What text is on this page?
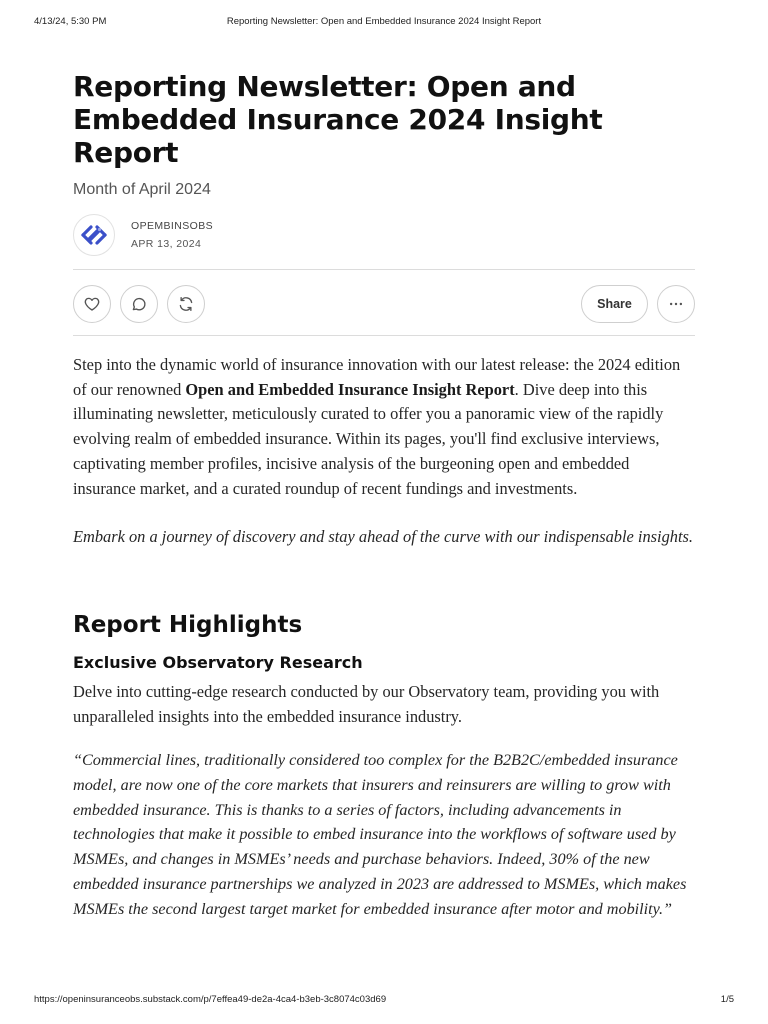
4/13/24, 5:30 PM	Reporting Newsletter: Open and Embedded Insurance 2024 Insight Report
Reporting Newsletter: Open and Embedded Insurance 2024 Insight Report
Month of April 2024
OPEMBINSOBS
APR 13, 2024
Share

Step into the dynamic world of insurance innovation with our latest release: the 2024 edition of our renowned Open and Embedded Insurance Insight Report. Dive deep into this illuminating newsletter, meticulously curated to offer you a panoramic view of the rapidly evolving realm of embedded insurance. Within its pages, you'll find exclusive interviews, captivating member profiles, incisive analysis of the burgeoning open and embedded insurance market, and a curated roundup of recent fundings and investments.

Embark on a journey of discovery and stay ahead of the curve with our indispensable insights.

Report Highlights
Exclusive Observatory Research

Delve into cutting-edge research conducted by our Observatory team, providing you with unparalleled insights into the embedded insurance industry.

“Commercial lines, traditionally considered too complex for the B2B2C/embedded insurance model, are now one of the core markets that insurers and reinsurers are willing to grow with embedded insurance. This is thanks to a series of factors, including advancements in technologies that make it possible to embed insurance into the workflows of software used by MSMEs, and changes in MSMEs’ needs and purchase behaviors. Indeed, 30% of the new embedded insurance partnerships we analyzed in 2023 are addressed to MSMEs, which makes MSMEs the second largest target market for embedded insurance after motor and mobility.”

https://openinsuranceobs.substack.com/p/7effea49-de2a-4ca4-b3eb-3c8074c03d69	1/5
